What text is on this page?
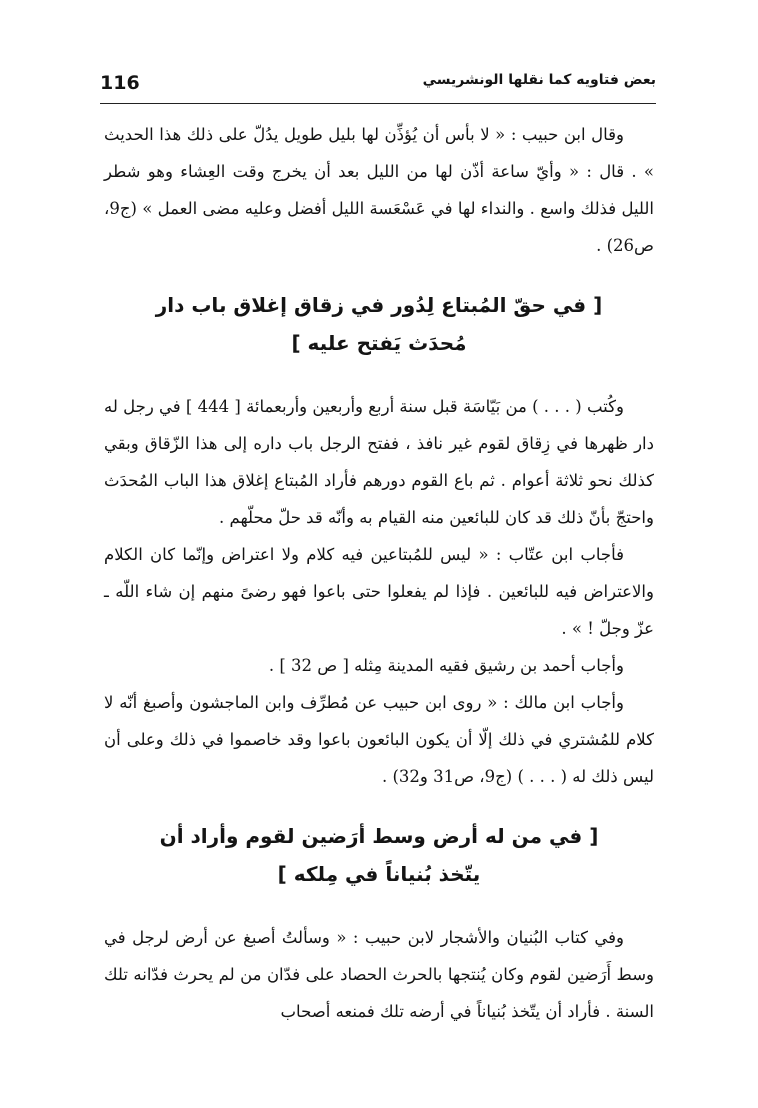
116	بعض فتاويه كما نقلها الونشريسي

وقال ابن حبيب : « لا بأس أن يُؤذِّن لها بليل طويل يدُلّ على ذلك هذا الحديث » . قال : « وأيّ ساعة أذّن لها من الليل بعد أن يخرج وقت العِشاء وهو شطر الليل فذلك واسع . والنداء لها في عَسْعَسة الليل أفضل وعليه مضى العمل » (ج9، ص26) .

[ في حقّ المُبتاع لِدُور في زقاق إغلاق باب دار

مُحدَث يَفتح عليه ]

وكُتب ( . . . ) من بَيّاسَة قبل سنة أربع وأربعين وأربعمائة [ 444 ] في رجل له دار ظهرها في زِقاق لقوم غير نافذ ، ففتح الرجل باب داره إلى هذا الزّقاق وبقي كذلك نحو ثلاثة أعوام . ثم باع القوم دورهم فأراد المُبتاع إغلاق هذا الباب المُحدَث واحتجّ بأنّ ذلك قد كان للبائعين منه القيام به وأنّه قد حلّ محلّهم .

فأجاب ابن عتّاب : « ليس للمُبتاعين فيه كلام ولا اعتراض وإنّما كان الكلام والاعتراض فيه للبائعين . فإذا لم يفعلوا حتى باعوا فهو رضىً منهم إن شاء اللّه ـ عزّ وجلّ ! » .

وأجاب أحمد بن رشيق فقيه المدينة مِثله [ ص 32 ] .

وأجاب ابن مالك : « روى ابن حبيب عن مُطرِّف وابن الماجشون وأصبغ أنّه لا كلام للمُشتري في ذلك إلّا أن يكون البائعون باعوا وقد خاصموا في ذلك وعلى أن ليس ذلك له ( . . . ) (ج9، ص31 و32) .

[ في من له أرض وسط أرَضين لقوم وأراد أن

يتّخذ بُنياناً في مِلكه ]

وفي كتاب البُنيان والأشجار لابن حبيب : « وسألتُ أصبغ عن أرض لرجل في وسط أَرَضين لقوم وكان يُنتجها بالحرث الحصاد على فدّان من لم يحرث فدّانه تلك السنة . فأراد أن يتّخذ بُنياناً في أرضه تلك فمنعه أصحاب
